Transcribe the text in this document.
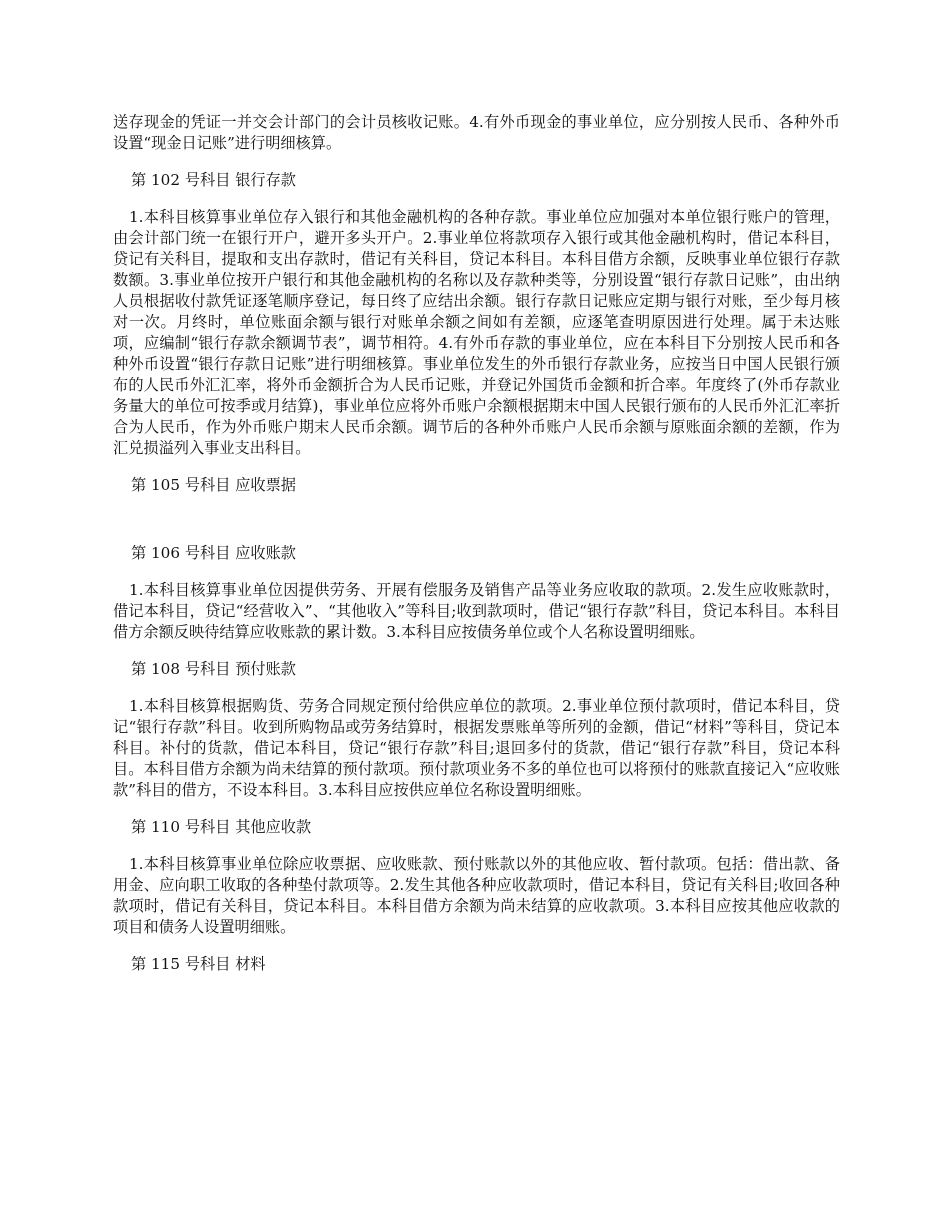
送存现金的凭证一并交会计部门的会计员核收记账。4.有外币现金的事业单位，应分别按人民币、各种外币设置“现金日记账”进行明细核算。

第 102 号科目 银行存款

1.本科目核算事业单位存入银行和其他金融机构的各种存款。事业单位应加强对本单位银行账户的管理，由会计部门统一在银行开户，避开多头开户。2.事业单位将款项存入银行或其他金融机构时，借记本科目，贷记有关科目，提取和支出存款时，借记有关科目，贷记本科目。本科目借方余额，反映事业单位银行存款数额。3.事业单位按开户银行和其他金融机构的名称以及存款种类等，分别设置“银行存款日记账”，由出纳人员根据收付款凭证逐笔顺序登记，每日终了应结出余额。银行存款日记账应定期与银行对账，至少每月核对一次。月终时，单位账面余额与银行对账单余额之间如有差额，应逐笔查明原因进行处理。属于未达账项，应编制“银行存款余额调节表”，调节相符。4.有外币存款的事业单位，应在本科目下分别按人民币和各种外币设置“银行存款日记账”进行明细核算。事业单位发生的外币银行存款业务，应按当日中国人民银行颁布的人民币外汇汇率，将外币金额折合为人民币记账，并登记外国货币金额和折合率。年度终了(外币存款业务量大的单位可按季或月结算)，事业单位应将外币账户余额根据期末中国人民银行颁布的人民币外汇汇率折合为人民币，作为外币账户期末人民币余额。调节后的各种外币账户人民币余额与原账面余额的差额，作为汇兑损溢列入事业支出科目。

第 105 号科目 应收票据
第 106 号科目 应收账款

1.本科目核算事业单位因提供劳务、开展有偿服务及销售产品等业务应收取的款项。2.发生应收账款时，借记本科目，贷记“经营收入”、“其他收入”等科目;收到款项时，借记“银行存款”科目，贷记本科目。本科目借方余额反映待结算应收账款的累计数。3.本科目应按债务单位或个人名称设置明细账。

第 108 号科目 预付账款

1.本科目核算根据购货、劳务合同规定预付给供应单位的款项。2.事业单位预付款项时，借记本科目，贷记“银行存款”科目。收到所购物品或劳务结算时，根据发票账单等所列的金额，借记“材料”等科目，贷记本科目。补付的货款，借记本科目，贷记“银行存款”科目;退回多付的货款，借记“银行存款”科目，贷记本科目。本科目借方余额为尚未结算的预付款项。预付款项业务不多的单位也可以将预付的账款直接记入“应收账款”科目的借方，不设本科目。3.本科目应按供应单位名称设置明细账。

第 110 号科目 其他应收款

1.本科目核算事业单位除应收票据、应收账款、预付账款以外的其他应收、暂付款项。包括：借出款、备用金、应向职工收取的各种垫付款项等。2.发生其他各种应收款项时，借记本科目，贷记有关科目;收回各种款项时，借记有关科目，贷记本科目。本科目借方余额为尚未结算的应收款项。3.本科目应按其他应收款的项目和债务人设置明细账。

第 115 号科目 材料
